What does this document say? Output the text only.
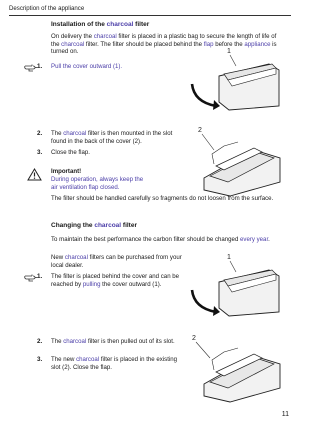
Description of the appliance
Installation of the charcoal filter
On delivery the charcoal filter is placed in a plastic bag to secure the length of life of the charcoal filter. The filter should be placed behind the flap before the appliance is turned on.
1. Pull the cover outward (1).
1
2. The charcoal filter is then mounted in the slot found in the back of the cover (2).
3. Close the flap.
2
Important!
During operation, always keep the air ventilation flap closed.
The filter should be handled carefully so fragments do not loosen from the surface.
Changing the charcoal filter
To maintain the best performance the carbon filter should be changed every year.
New charcoal filters can be purchased from your local dealer.
1. The filter is placed behind the cover and can be reached by pulling the cover outward (1).
1
2. The charcoal filter is then pulled out of its slot.
3. The new charcoal filter is placed in the existing slot (2). Close the flap.
2
11
